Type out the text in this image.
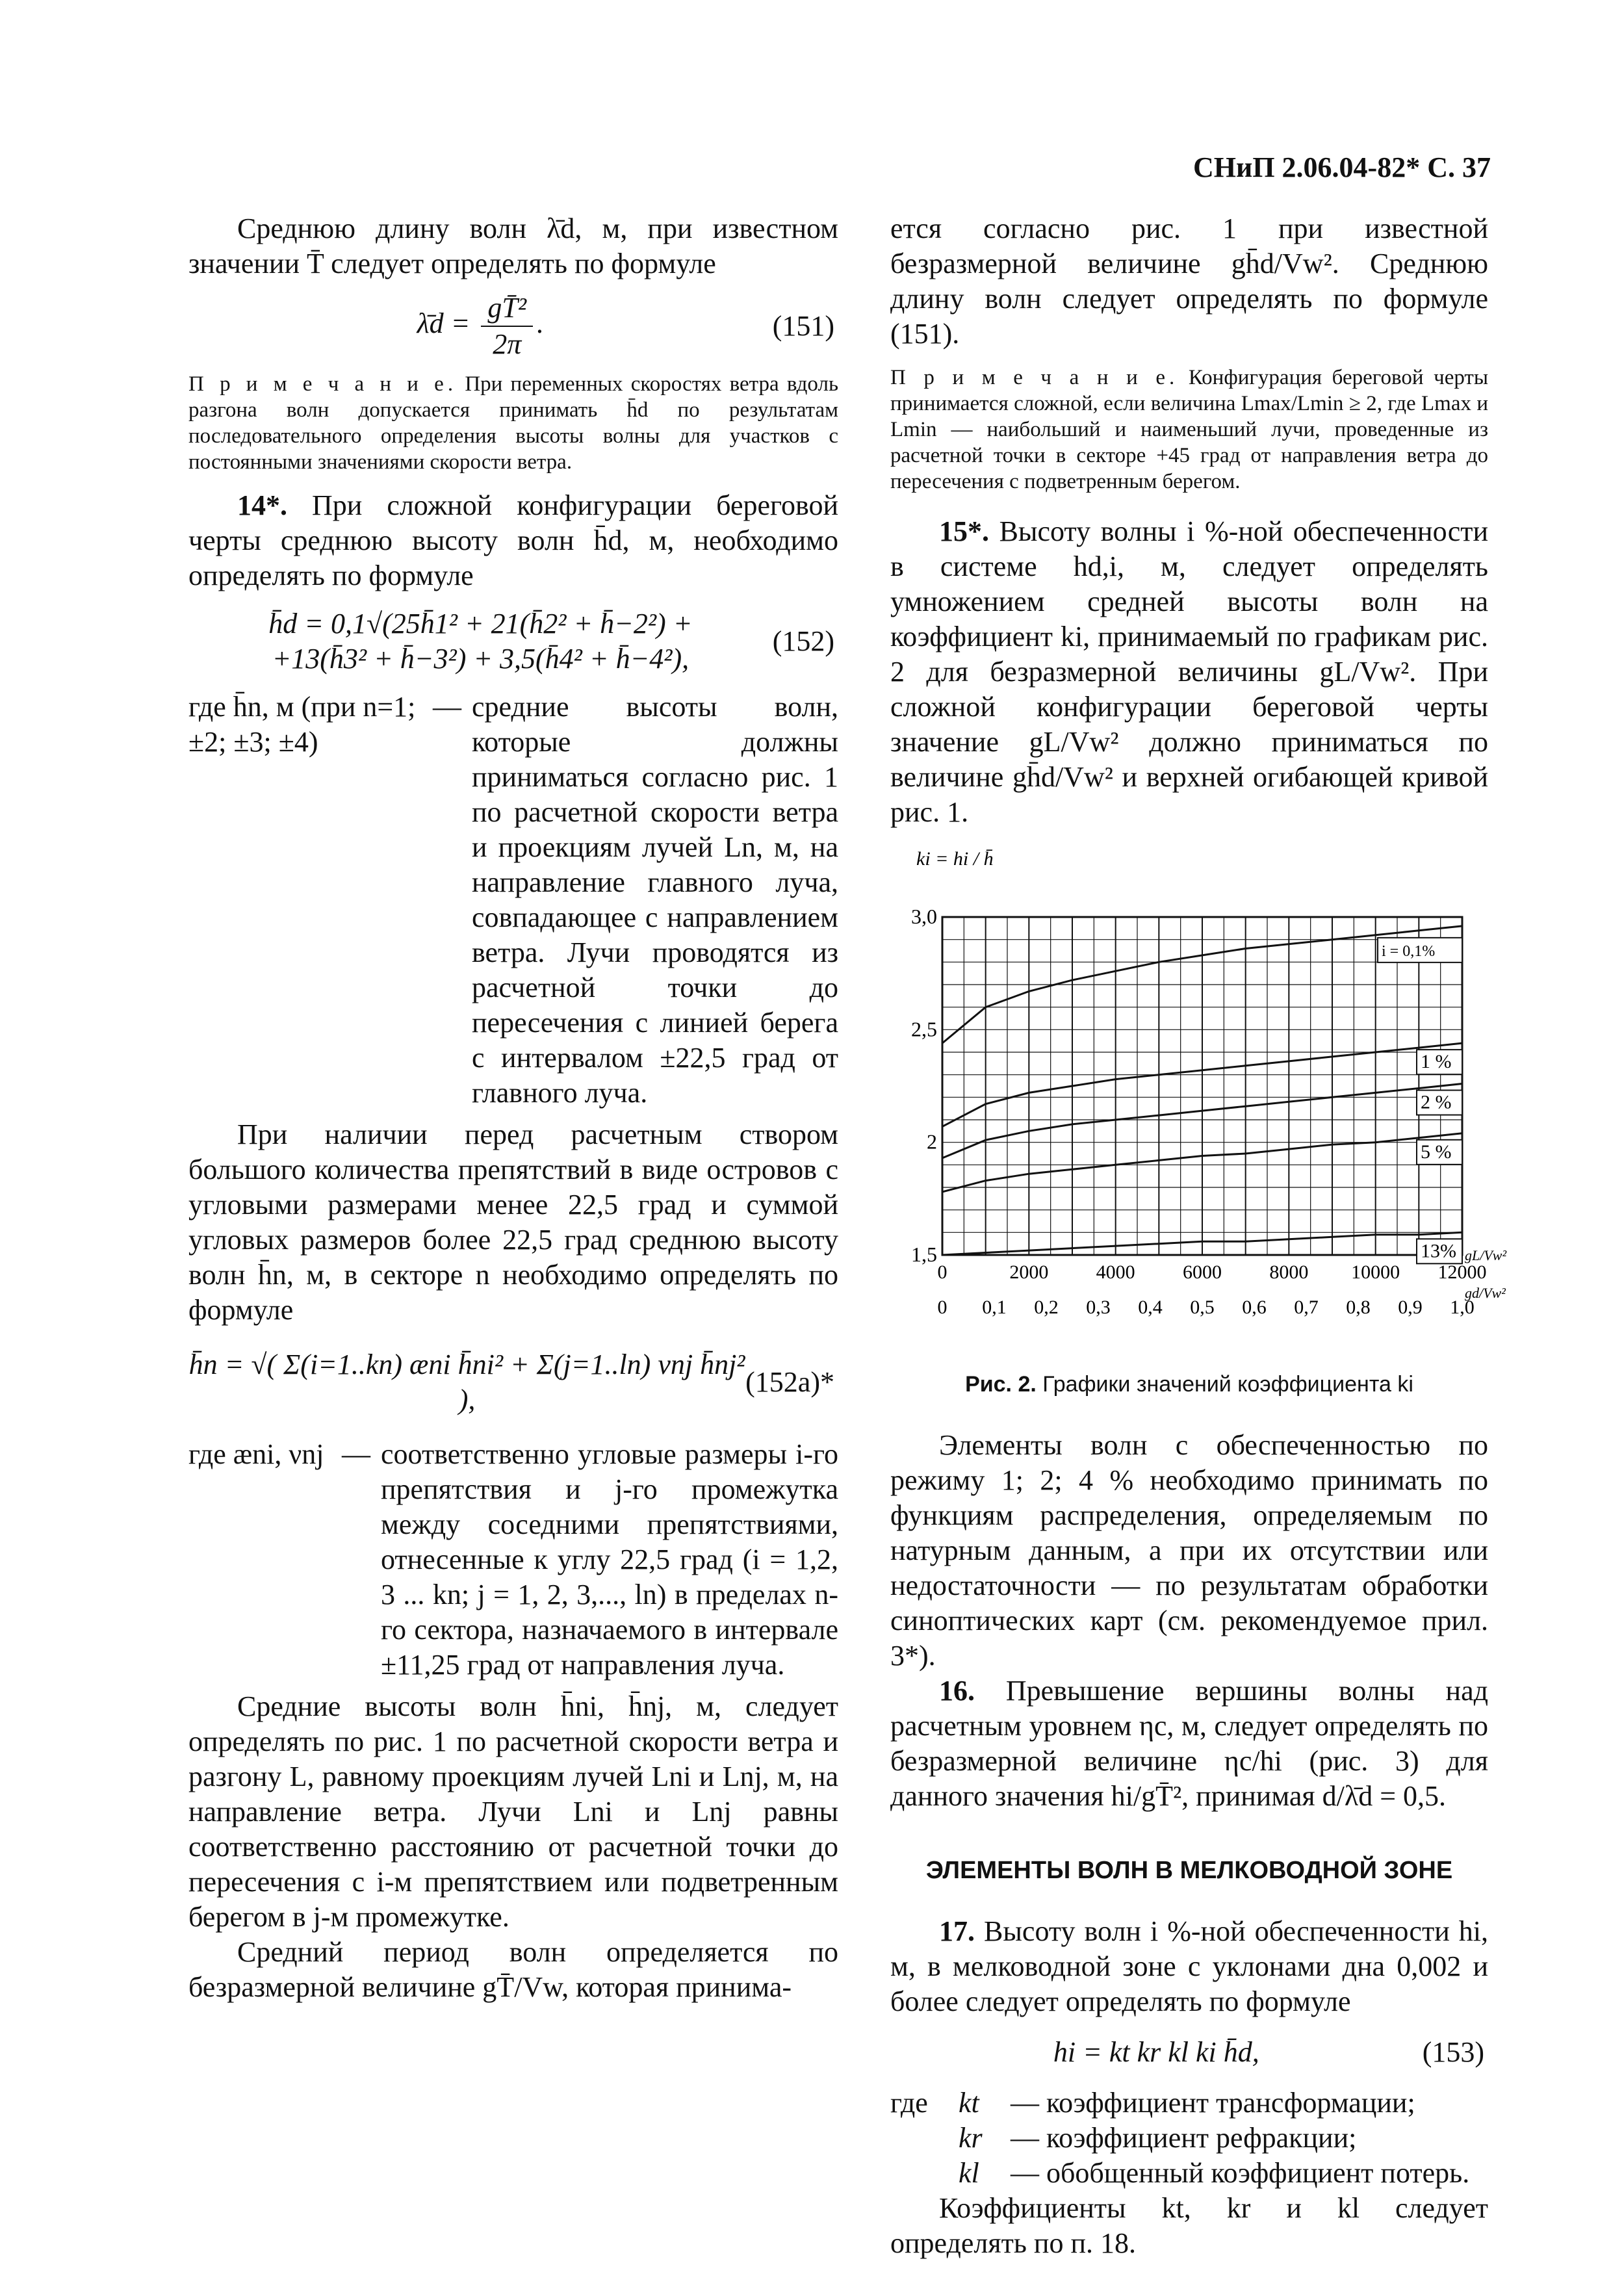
СНиП 2.06.04-82* С. 37

Среднюю длину волн λ̄d, м, при известном значении T̄ следует определять по формуле

λ̄d = $\frac{\text{gT̄²}}{2\pi}$ .	(151)

П р и м е ч а н и е. При переменных скоростях ветра вдоль разгона волн допускается принимать h̄d по результатам последовательного определения высоты волны для участков с постоянными значениями скорости ветра.

14*. При сложной конфигурации береговой черты среднюю высоту волн h̄d, м, необходимо определять по формуле

h̄d = 0,1√(25h̄1² + 21(h̄2² + h̄−2²) +
+13(h̄3² + h̄−3²) + 3,5(h̄4² + h̄−4²),
(152)
где h̄n, м (при n=1; ±2; ±3; ±4)
— средние высоты волн, которые должны приниматься согласно рис. 1 по расчетной скорости ветра и проекциям лучей Ln, м, на направление главного луча, совпадающее с направлением ветра. Лучи проводятся из расчетной точки до пересечения с линией берега с интервалом ±22,5 град от главного луча.

При наличии перед расчетным створом большого количества препятствий в виде островов с угловыми размерами менее 22,5 град и суммой угловых размеров более 22,5 град среднюю высоту волн h̄n, м, в секторе n необходимо определять по формуле

h̄n = √( Σ(i=1..kn) æni h̄ni² + Σ(j=1..ln) νnj h̄nj² ),
(152a)*
где æni, νnj — соответственно угловые размеры i-го препятствия и j-го промежутка между соседними препятствиями, отнесенные к углу 22,5 град (i = 1,2, 3 ... kn; j = 1, 2, 3,..., ln) в пределах n-го сектора, назначаемого в интервале ±11,25 град от направления луча.

Средние высоты волн h̄ni, h̄nj, м, следует определять по рис. 1 по расчетной скорости ветра и разгону L, равному проекциям лучей Lni и Lnj, м, на направление ветра. Лучи Lni и Lnj равны соответственно расстоянию от расчетной точки до пересечения с i-м препятствием или подветренным берегом в j-м промежутке.

Средний период волн определяется по безразмерной величине gT̄/Vw, которая принима-

ется согласно рис. 1 при известной безразмерной величине gh̄d/Vw². Среднюю длину волн следует определять по формуле (151).

П р и м е ч а н и е. Конфигурация береговой черты принимается сложной, если величина Lmax/Lmin ≥ 2, где Lmax и Lmin — наибольший и наименьший лучи, проведенные из расчетной точки в секторе +45 град от направления ветра до пересечения с подветренным берегом.

15*. Высоту волны i %-ной обеспеченности в системе hd,i, м, следует определять умножением средней высоты волн на коэффициент ki, принимаемый по графикам рис. 2 для безразмерной величины gL/Vw². При сложной конфигурации береговой черты значение gL/Vw² должно приниматься по величине gh̄d/Vw² и верхней огибающей кривой рис. 1.

ki = hi / h̄
i = 0,1%
1 %
2 %
5 %
13%
3,0
2,5
2
1,5
0	2000 4000 6000 8000 10000 12000
gL/Vw²
0 0,1 0,2 0,3 0,4 0,5 0,6 0,7 0,8 0,9 1,0
gd/Vw²
Рис. 2. Графики значений коэффициента ki

Элементы волн с обеспеченностью по режиму 1; 2; 4 % необходимо принимать по функциям распределения, определяемым по натурным данным, а при их отсутствии или недостаточности — по результатам обработки синоптических карт (см. рекомендуемое прил. 3*).

16. Превышение вершины волны над расчетным уровнем ηc, м, следует определять по безразмерной величине ηc/hi (рис. 3) для данного значения hi/gT̄², принимая d/λ̄d = 0,5.

ЭЛЕМЕНТЫ ВОЛН В МЕЛКОВОДНОЙ ЗОНЕ

17. Высоту волн i %-ной обеспеченности hi, м, в мелководной зоне с уклонами дна 0,002 и более следует определять по формуле

hi = kt kr kl ki h̄d,	(153)
где	kt	— коэффициент трансформации;
kr — коэффициент рефракции;
kl	— обобщенный коэффициент потерь.

Коэффициенты kt, kr и kl следует определять по п. 18.
